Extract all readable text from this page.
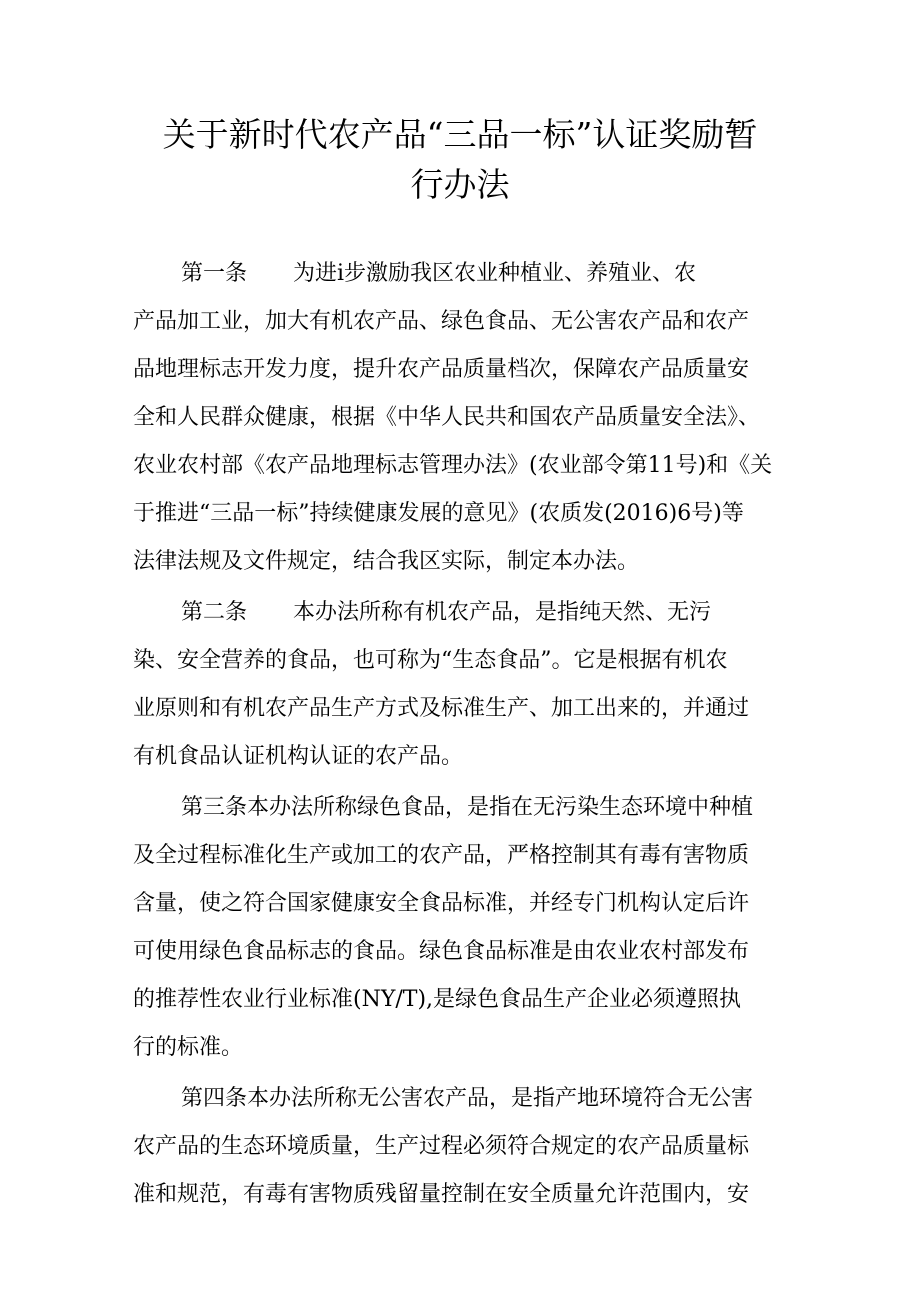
关于新时代农产品“三品一标”认证奖励暂
行办法
第一条 为进i步激励我区农业种植业、养殖业、农
产品加工业，加大有机农产品、绿色食品、无公害农产品和农产
品地理标志开发力度，提升农产品质量档次，保障农产品质量安
全和人民群众健康，根据《中华人民共和国农产品质量安全法》、
农业农村部《农产品地理标志管理办法》(农业部令第11号)和《关
于推进“三品一标”持续健康发展的意见》(农质发(2016)6号)等
法律法规及文件规定，结合我区实际，制定本办法。
第二条 本办法所称有机农产品，是指纯天然、无污
染、安全营养的食品，也可称为“生态食品”。它是根据有机农
业原则和有机农产品生产方式及标准生产、加工出来的，并通过
有机食品认证机构认证的农产品。
第三条本办法所称绿色食品，是指在无污染生态环境中种植
及全过程标准化生产或加工的农产品，严格控制其有毒有害物质
含量，使之符合国家健康安全食品标准，并经专门机构认定后许
可使用绿色食品标志的食品。绿色食品标准是由农业农村部发布
的推荐性农业行业标准(NY/T),是绿色食品生产企业必须遵照执
行的标准。
第四条本办法所称无公害农产品，是指产地环境符合无公害
农产品的生态环境质量，生产过程必须符合规定的农产品质量标
准和规范，有毒有害物质残留量控制在安全质量允许范围内，安
